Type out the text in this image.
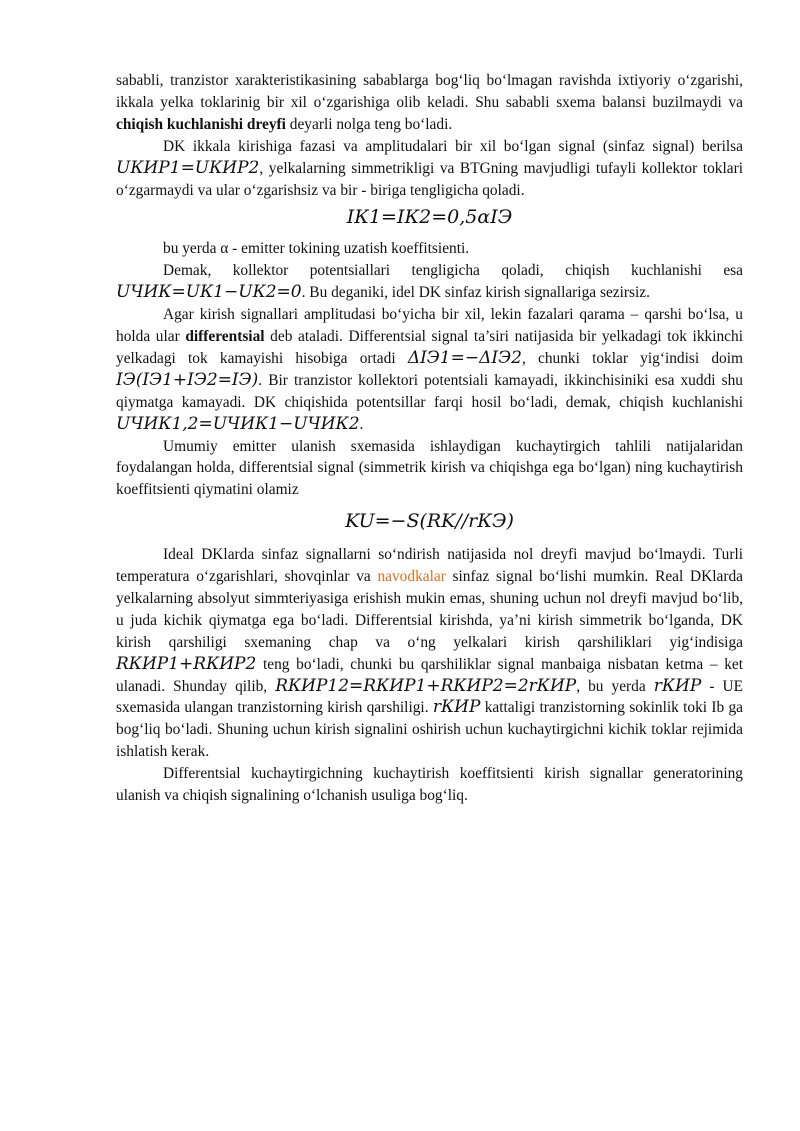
sababli, tranzistor xarakteristikasining sabablarga bog‘liq bo‘lmagan ravishda ixtiyoriy o‘zgarishi, ikkala yelka toklarinig bir xil o‘zgarishiga olib keladi. Shu sababli sxema balansi buzilmaydi va chiqish kuchlanishi dreyfi deyarli nolga teng bo‘ladi.

DK ikkala kirishiga fazasi va amplitudalari bir xil bo‘lgan signal (sinfaz signal) berilsa UКИР1=UКИР2, yelkalarning simmetrikligi va BTGning mavjudligi tufayli kollektor toklari o‘zgarmaydi va ular o‘zgarishsiz va bir - biriga tengligicha qoladi.

IК1=IК2=0,5αIЭ

bu yerda α - emitter tokining uzatish koeffitsienti.

Demak, kollektor potentsiallari tengligicha qoladi, chiqish kuchlanishi esa UЧИК=UК1−UК2=0. Bu deganiki, idel DK sinfaz kirish signallariga sezirsiz.

Agar kirish signallari amplitudasi bo‘yicha bir xil, lekin fazalari qarama – qarshi bo‘lsa, u holda ular differentsial deb ataladi. Differentsial signal ta’siri natijasida bir yelkadagi tok ikkinchi yelkadagi tok kamayishi hisobiga ortadi ΔIЭ1=−ΔIЭ2, chunki toklar yig‘indisi doim IЭ(IЭ1+IЭ2=IЭ). Bir tranzistor kollektori potentsiali kamayadi, ikkinchisiniki esa xuddi shu qiymatga kamayadi. DK chiqishida potentsillar farqi hosil bo‘ladi, demak, chiqish kuchlanishi UЧИК1,2=UЧИК1−UЧИК2.

Umumiy emitter ulanish sxemasida ishlaydigan kuchaytirgich tahlili natijalaridan foydalangan holda, differentsial signal (simmetrik kirish va chiqishga ega bo‘lgan) ning kuchaytirish koeffitsienti qiymatini olamiz

KU=−S(RK//rКЭ)

Ideal DKlarda sinfaz signallarni so‘ndirish natijasida nol dreyfi mavjud bo‘lmaydi. Turli temperatura o‘zgarishlari, shovqinlar va navodkalar sinfaz signal bo‘lishi mumkin. Real DKlarda yelkalarning absolyut simmteriyasiga erishish mukin emas, shuning uchun nol dreyfi mavjud bo‘lib, u juda kichik qiymatga ega bo‘ladi. Differentsial kirishda, ya’ni kirish simmetrik bo‘lganda, DK kirish qarshiligi sxemaning chap va o‘ng yelkalari kirish qarshiliklari yig‘indisiga RКИР1+RКИР2 teng bo‘ladi, chunki bu qarshiliklar signal manbaiga nisbatan ketma – ket ulanadi. Shunday qilib, RКИР12=RКИР1+RКИР2=2rКИР, bu yerda rКИР - UE sxemasida ulangan tranzistorning kirish qarshiligi. rКИР kattaligi tranzistorning sokinlik toki Ib ga bog‘liq bo‘ladi. Shuning uchun kirish signalini oshirish uchun kuchaytirgichni kichik toklar rejimida ishlatish kerak.

Differentsial kuchaytirgichning kuchaytirish koeffitsienti kirish signallar generatorining ulanish va chiqish signalining o‘lchanish usuliga bog‘liq.
